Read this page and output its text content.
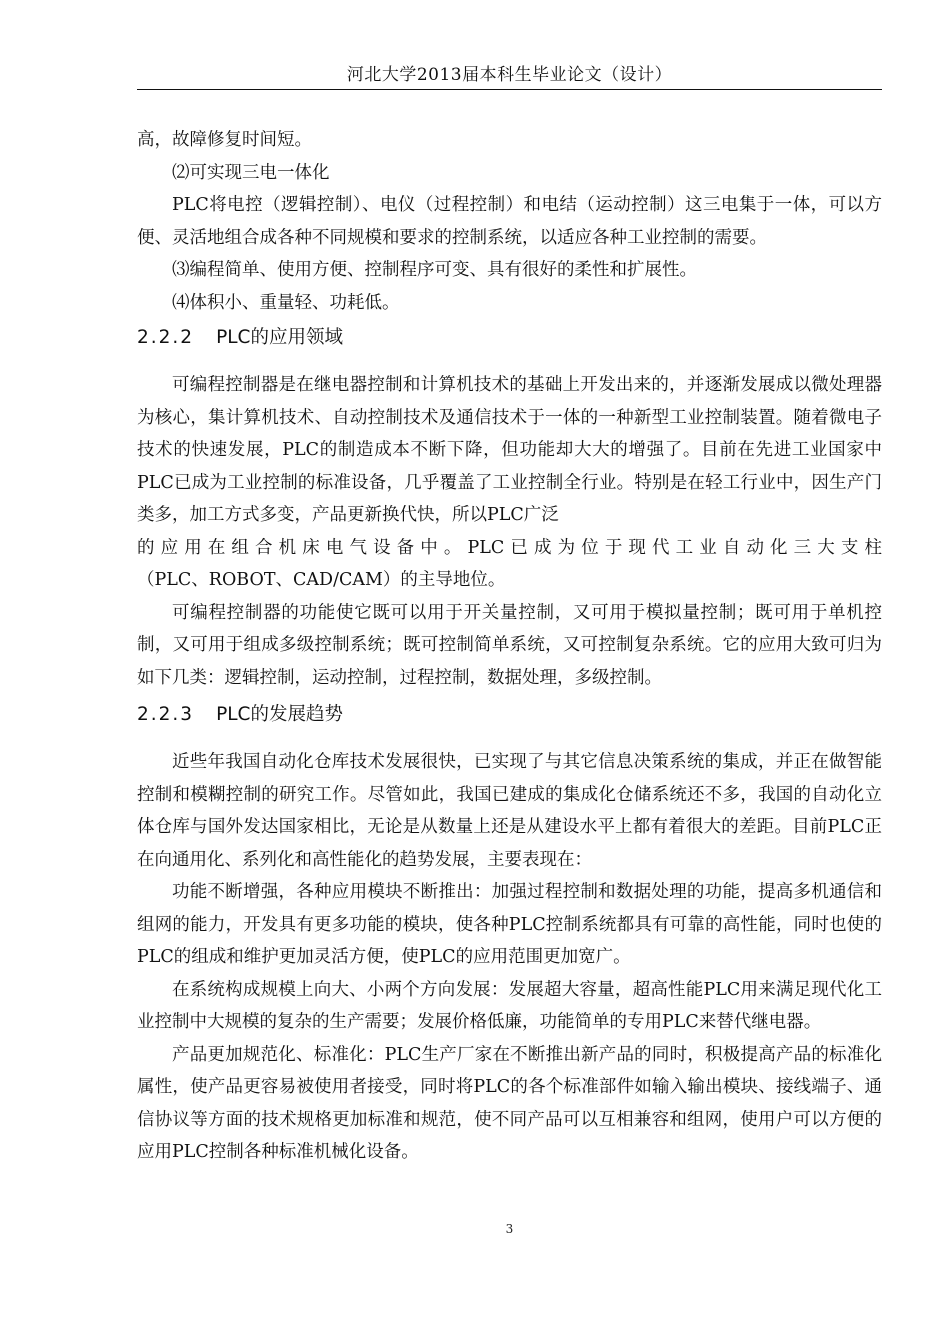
河北大学2013届本科生毕业论文（设计）

高，故障修复时间短。

⑵可实现三电一体化

PLC将电控（逻辑控制）、电仪（过程控制）和电结（运动控制）这三电集于一体，可以方便、灵活地组合成各种不同规模和要求的控制系统，以适应各种工业控制的需要。

⑶编程简单、使用方便、控制程序可变、具有很好的柔性和扩展性。

⑷体积小、重量轻、功耗低。

2.2.2 PLC的应用领域

可编程控制器是在继电器控制和计算机技术的基础上开发出来的，并逐渐发展成以微处理器为核心，集计算机技术、自动控制技术及通信技术于一体的一种新型工业控制装置。随着微电子技术的快速发展，PLC的制造成本不断下降，但功能却大大的增强了。目前在先进工业国家中PLC已成为工业控制的标准设备，几乎覆盖了工业控制全行业。特别是在轻工行业中，因生产门类多，加工方式多变，产品更新换代快，所以PLC广泛

的应用在组合机床电气设备中。PLC已成为位于现代工业自动化三大支柱

（PLC、ROBOT、CAD/CAM）的主导地位。

可编程控制器的功能使它既可以用于开关量控制，又可用于模拟量控制；既可用于单机控制，又可用于组成多级控制系统；既可控制简单系统，又可控制复杂系统。它的应用大致可归为如下几类：逻辑控制，运动控制，过程控制，数据处理，多级控制。

2.2.3 PLC的发展趋势

近些年我国自动化仓库技术发展很快，已实现了与其它信息决策系统的集成，并正在做智能控制和模糊控制的研究工作。尽管如此，我国已建成的集成化仓储系统还不多，我国的自动化立体仓库与国外发达国家相比，无论是从数量上还是从建设水平上都有着很大的差距。目前PLC正在向通用化、系列化和高性能化的趋势发展，主要表现在：

功能不断增强，各种应用模块不断推出：加强过程控制和数据处理的功能，提高多机通信和组网的能力，开发具有更多功能的模块，使各种PLC控制系统都具有可靠的高性能，同时也使的PLC的组成和维护更加灵活方便，使PLC的应用范围更加宽广。

在系统构成规模上向大、小两个方向发展：发展超大容量，超高性能PLC用来满足现代化工业控制中大规模的复杂的生产需要；发展价格低廉，功能简单的专用PLC来替代继电器。

产品更加规范化、标准化：PLC生产厂家在不断推出新产品的同时，积极提高产品的标准化属性，使产品更容易被使用者接受，同时将PLC的各个标准部件如输入输出模块、接线端子、通信协议等方面的技术规格更加标准和规范，使不同产品可以互相兼容和组网，使用户可以方便的应用PLC控制各种标准机械化设备。

3
